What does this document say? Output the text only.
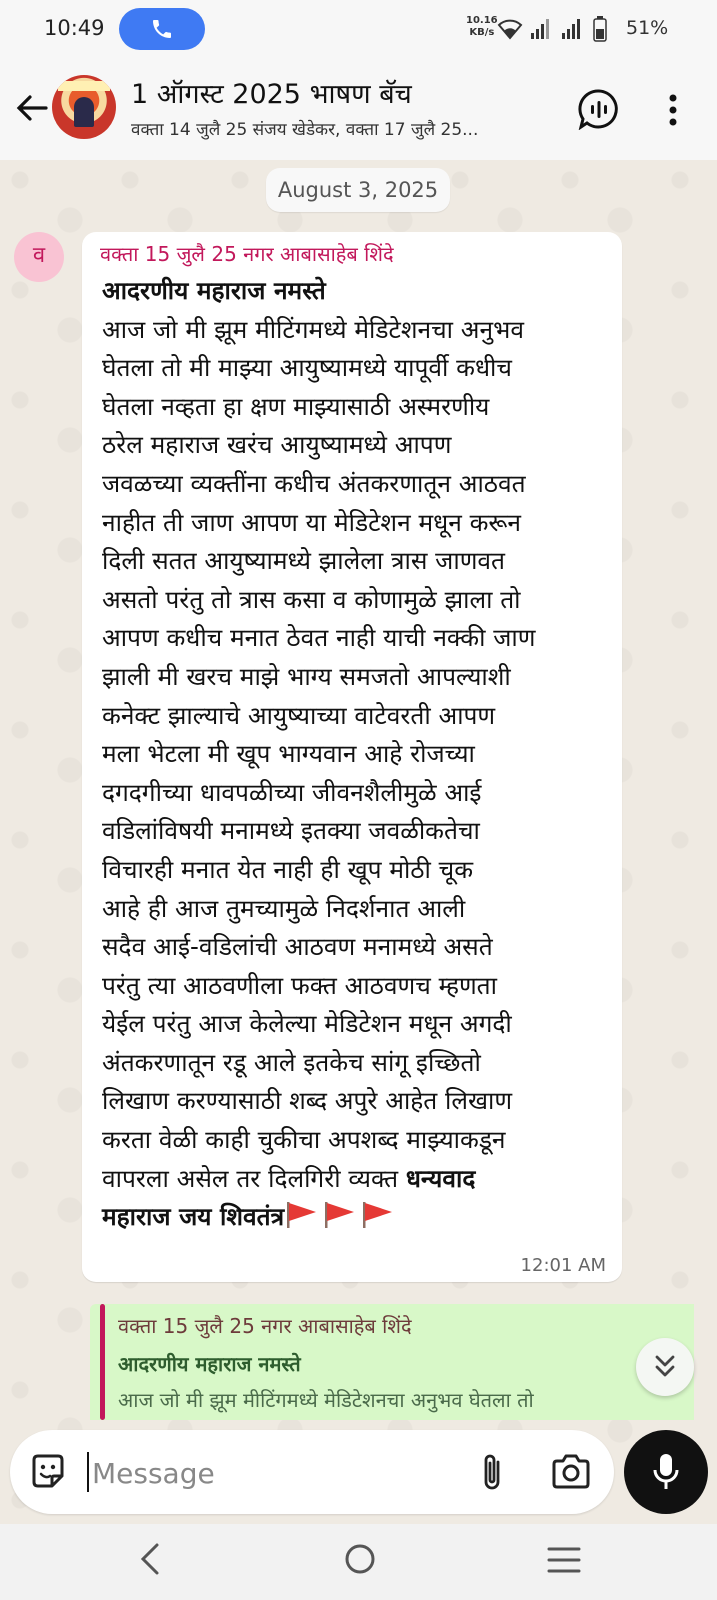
10:49	10.16
KB/s	51%
1 ऑगस्ट 2025 भाषण बॅच
वक्ता 14 जुलै 25 संजय खेडेकर, वक्ता 17 जुलै 25...
August 3, 2025
व	वक्ता 15 जुलै 25 नगर आबासाहेब शिंदे
आदरणीय महाराज नमस्ते
आज जो मी झूम मीटिंगमध्ये मेडिटेशनचा अनुभव
घेतला तो मी माझ्या आयुष्यामध्ये यापूर्वी कधीच
घेतला नव्हता हा क्षण माझ्यासाठी अस्मरणीय
ठरेल महाराज खरंच आयुष्यामध्ये आपण
जवळच्या व्यक्तींना कधीच अंतकरणातून आठवत
नाहीत ती जाण आपण या मेडिटेशन मधून करून
दिली सतत आयुष्यामध्ये झालेला त्रास जाणवत
असतो परंतु तो त्रास कसा व कोणामुळे झाला तो
आपण कधीच मनात ठेवत नाही याची नक्की जाण
झाली मी खरच माझे भाग्य समजतो आपल्याशी
कनेक्ट झाल्याचे आयुष्याच्या वाटेवरती आपण
मला भेटला मी खूप भाग्यवान आहे रोजच्या
दगदगीच्या धावपळीच्या जीवनशैलीमुळे आई
वडिलांविषयी मनामध्ये इतक्या जवळीकतेचा
विचारही मनात येत नाही ही खूप मोठी चूक
आहे ही आज तुमच्यामुळे निदर्शनात आली
सदैव आई-वडिलांची आठवण मनामध्ये असते
परंतु त्या आठवणीला फक्त आठवणच म्हणता
येईल परंतु आज केलेल्या मेडिटेशन मधून अगदी
अंतकरणातून रडू आले इतकेच सांगू इच्छितो
लिखाण करण्यासाठी शब्द अपुरे आहेत लिखाण
करता वेळी काही चुकीचा अपशब्द माझ्याकडून
वापरला असेल तर दिलगिरी व्यक्त धन्यवाद
महाराज जय शिवतंत्र
12:01 AM
वक्ता 15 जुलै 25 नगर आबासाहेब शिंदे
आदरणीय महाराज नमस्ते
आज जो मी झूम मीटिंगमध्ये मेडिटेशनचा अनुभव घेतला तो
Message
